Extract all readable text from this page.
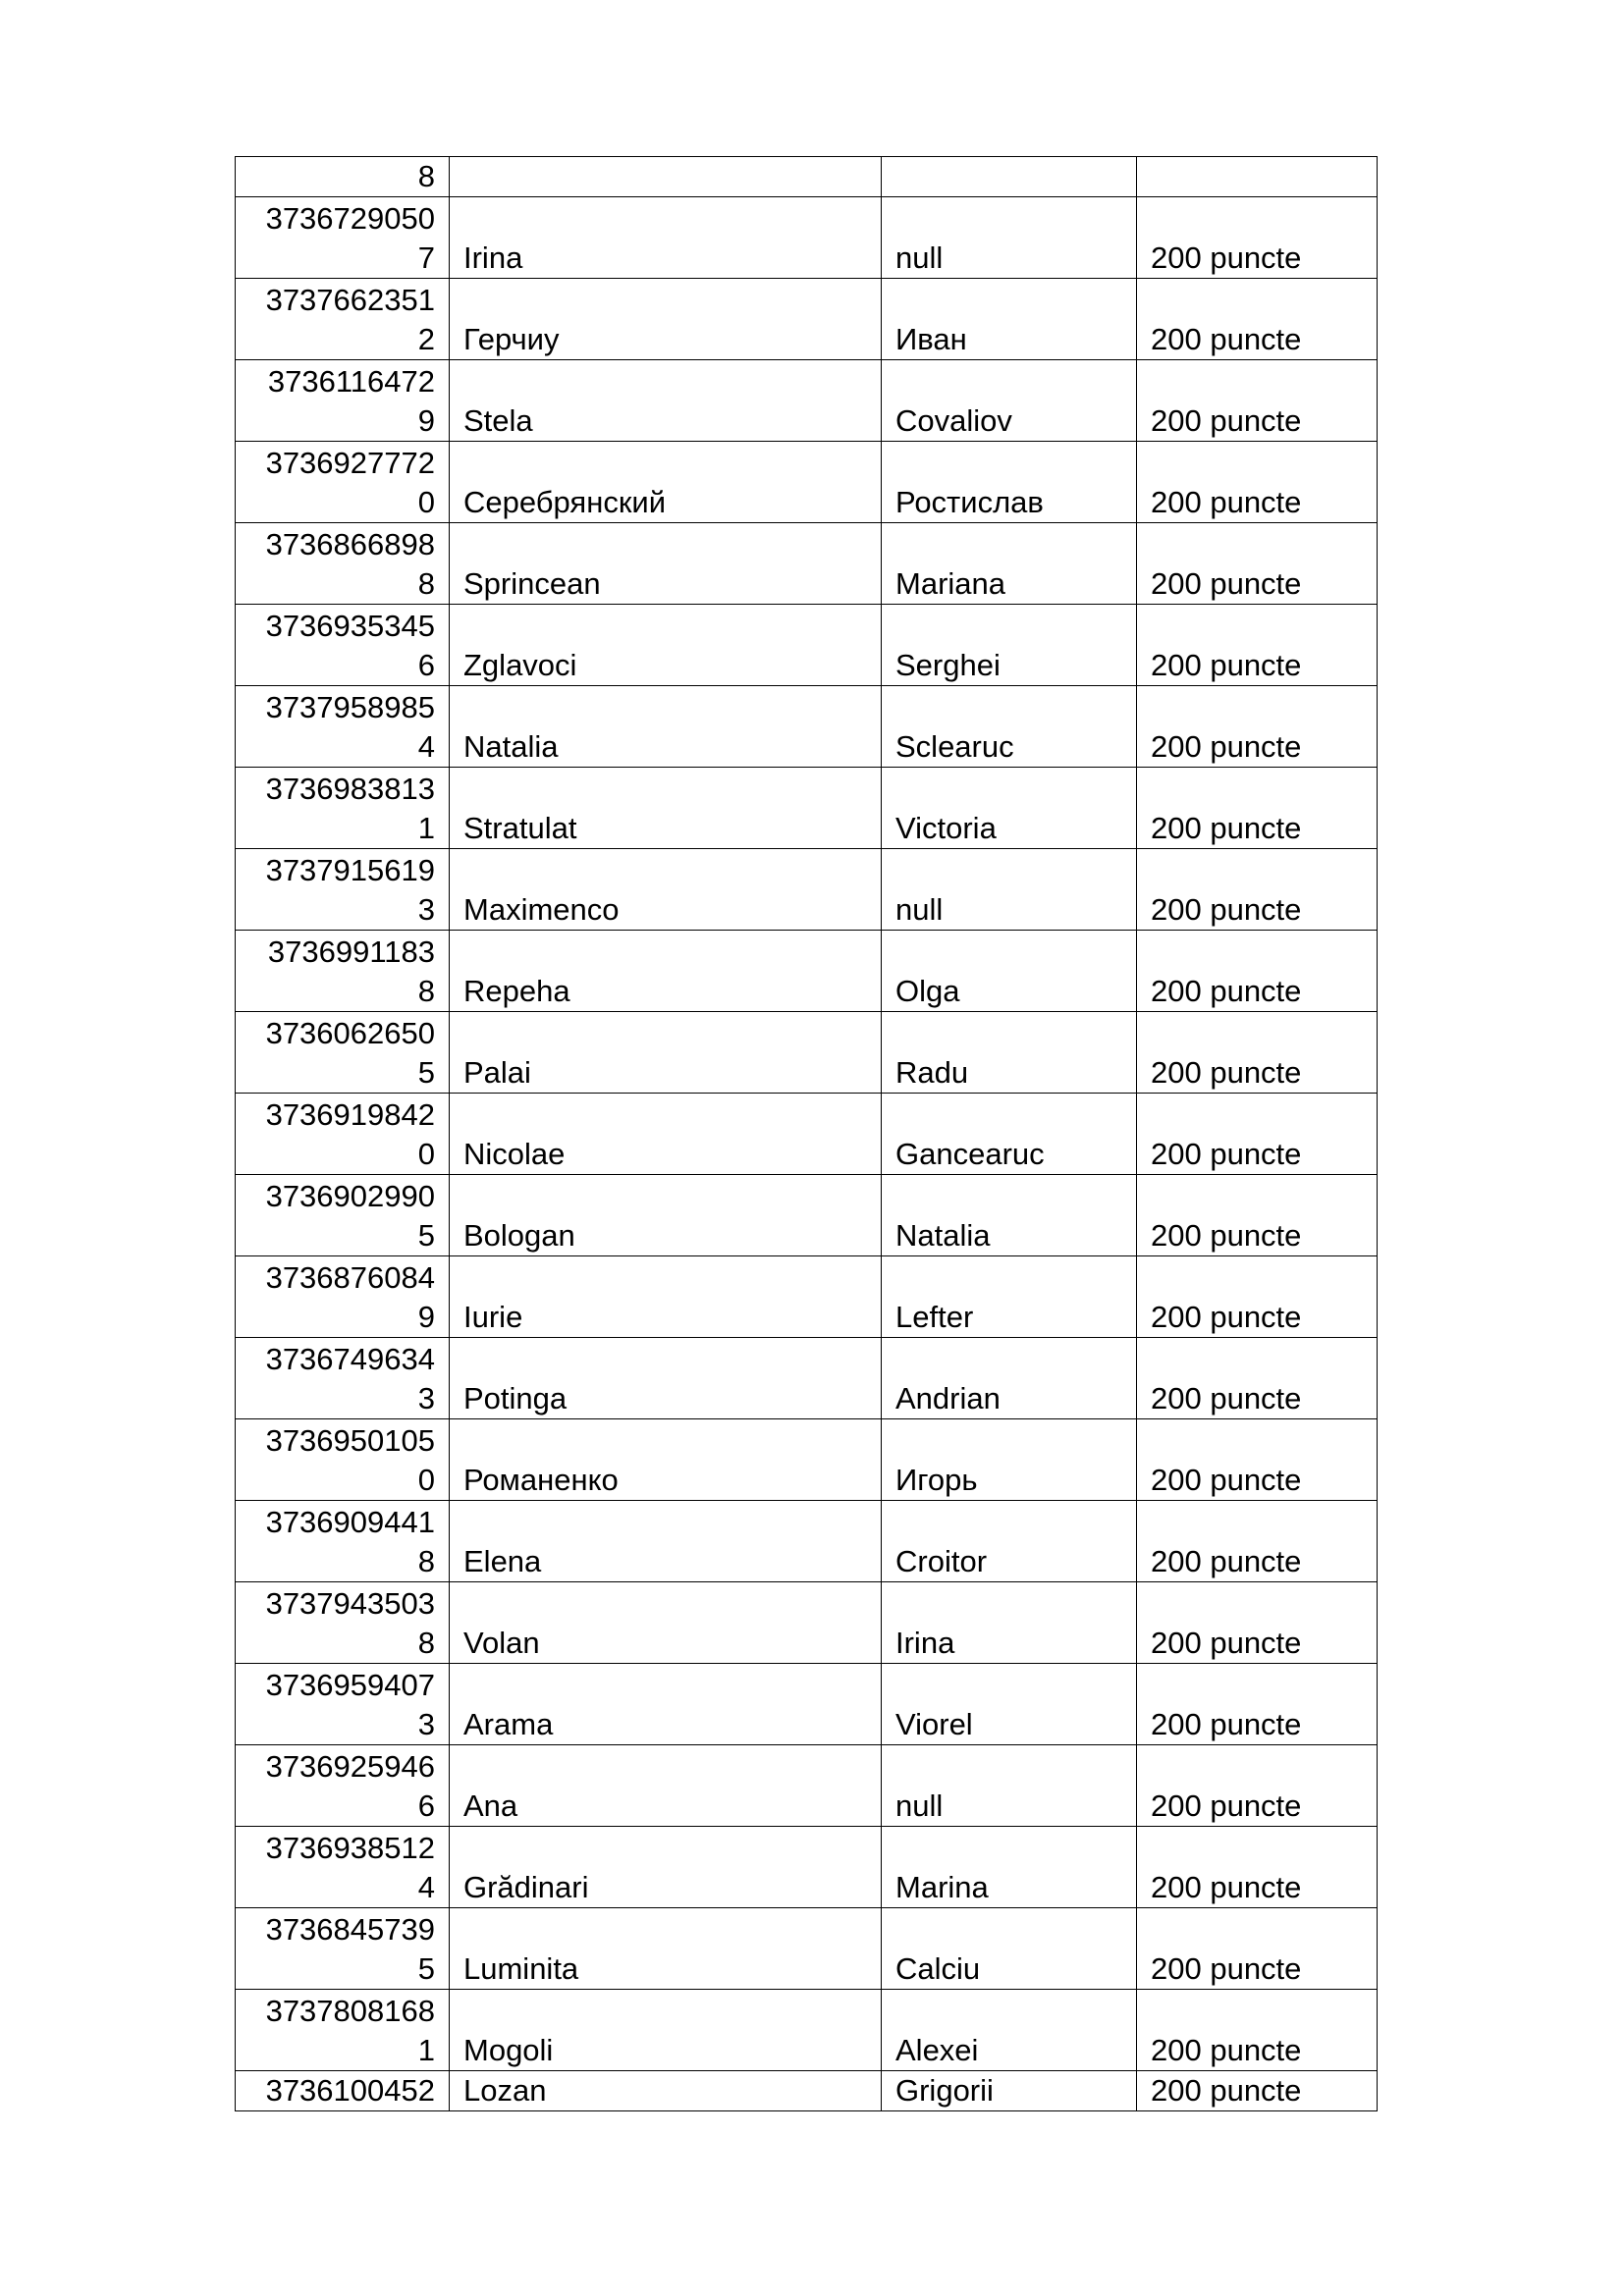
8			

3736729050
7	Irina	null	200 puncte

3737662351
2	Герчиу	Иван	200 puncte

3736116472
9	Stela	Covaliov	200 puncte

3736927772
0	Серебрянский	Ростислав	200 puncte

3736866898
8	Sprincean	Mariana	200 puncte

3736935345
6	Zglavoci	Serghei	200 puncte

3737958985
4	Natalia	Sclearuc	200 puncte

3736983813
1	Stratulat	Victoria	200 puncte

3737915619
3	Maximenco	null	200 puncte

3736991183
8	Repeha	Olga	200 puncte

3736062650
5	Palai	Radu	200 puncte

3736919842
0	Nicolae	Gancearuc	200 puncte

3736902990
5	Bologan	Natalia	200 puncte

3736876084
9	Iurie	Lefter	200 puncte

3736749634
3	Potinga	Andrian	200 puncte

3736950105
0	Романенко	Игорь	200 puncte

3736909441
8	Elena	Croitor	200 puncte

3737943503
8	Volan	Irina	200 puncte

3736959407
3	Arama	Viorel	200 puncte

3736925946
6	Ana	null	200 puncte

3736938512
4	Grădinari	Marina	200 puncte

3736845739
5	Luminita	Calciu	200 puncte

3737808168
1	Mogoli	Alexei	200 puncte

3736100452	Lozan	Grigorii	200 puncte
